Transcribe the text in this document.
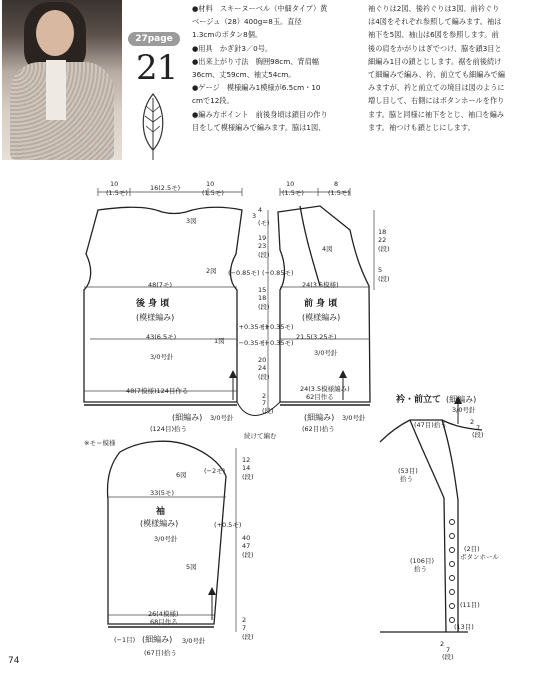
27page
21

●材料　スキーヌーベル（中細タイプ）黄

ベージュ（28）400g=8玉。直径

1.3cmのボタン8個。

●用具　かぎ針3／0号。

●出来上がり寸法　胸囲98cm、背肩幅

36cm、丈59cm、袖丈54cm。

●ゲージ　模様編み1模様が6.5cm・10

cmで12段。

●編み方ポイント　前後身頃は鎖目の作り

目をして模様編みで編みます。脇は1図、

袖ぐりは2図、後衿ぐりは3図、前衿ぐり

は4図をそれぞれ参照して編みます。袖は

袖下を5図、袖山は6図を参照します。前

後の肩をかがりはぎでつけ、脇を鎖3目と

細編み1目の鎖とじします。裾を前後続け

て細編みで編み、衿、前立ても細編みで編

みますが、衿と前立ての境目は図のように

増し目して、右側にはボタンホールを作り

ます。脇と同様に袖下をとじ、袖口を編み

ます。袖つけも鎖とじにします。

10
(1.5モ)
16(2.5モ)	10
(1.5モ)
3図
2図
1図
48(7モ)
43(6.5モ)
後 身 頃
(模様編み)
3/0号針
48(7模様)124目作る
(細編み) 3/0号針
(124目)拾う
4
3
(モ)
19
23
(段)
(−0.85モ) (−0.85モ)
15
18
(段)
(+0.35モ)
(+0.35モ)
(−0.35モ)
(−0.35モ)
20
24
(段)
2
7
(段)
続けて編む
10
(1.5モ)
8
(1.5モ)
4図
24(3.5模様)
21.5(3.25モ)
前 身 頃
(模様編み)
3/0号針
24(3.5模様編み)
62目作る
(細編み) 3/0号針
(62目)拾う
18
22
(段)
5
(段)
※モ＝模様
6図	(−2モ)
33(5モ)
(+0.5モ)
袖
(模様編み)
3/0号針
5図
26(4模様)
68目作る
(−1目) (細編み) 3/0号針
(67目)拾う
12
14
(段)
40
47
(段)
2
7
(段)
衿・前立て (細編み)
3/0号針
(47目)拾う	2
7
(段)
(53目)
拾う
(106目)
拾う
(2目)
ボタンホール
(11目)
(13目)
2
7
(段)
74
